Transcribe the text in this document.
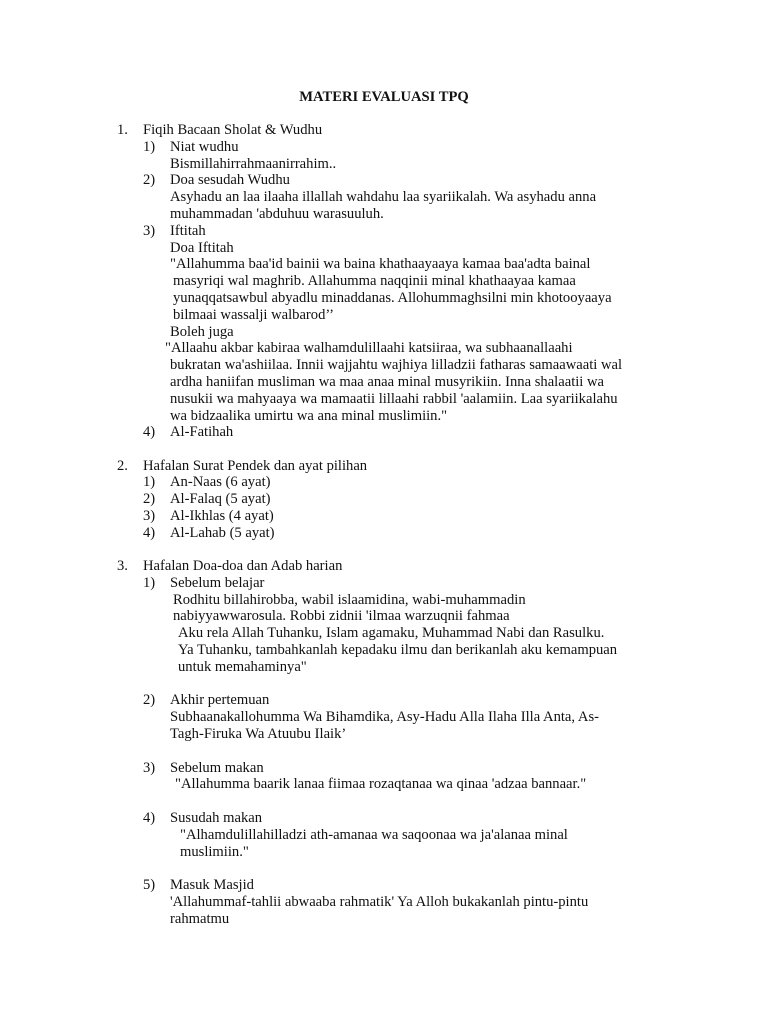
MATERI EVALUASI TPQ
1. Fiqih Bacaan Sholat & Wudhu
1) Niat wudhu
Bismillahirrahmaanirrahim..
2) Doa sesudah Wudhu
Asyhadu an laa ilaaha illallah wahdahu laa syariikalah. Wa asyhadu anna
muhammadan 'abduhuu warasuuluh.
3) Iftitah
Doa Iftitah
"Allahumma baa'id bainii wa baina khathaayaaya kamaa baa'adta bainal
masyriqi wal maghrib. Allahumma naqqinii minal khathaayaa kamaa
yunaqqatsawbul abyadlu minaddanas. Allohummaghsilni min khotooyaaya
bilmaai wassalji walbarod’’
Boleh juga
"Allaahu akbar kabiraa walhamdulillaahi katsiiraa, wa subhaanallaahi
bukratan wa'ashiilaa. Innii wajjahtu wajhiya lilladzii fatharas samaawaati wal
ardha haniifan musliman wa maa anaa minal musyrikiin. Inna shalaatii wa
nusukii wa mahyaaya wa mamaatii lillaahi rabbil 'aalamiin. Laa syariikalahu
wa bidzaalika umirtu wa ana minal muslimiin."
4) Al-Fatihah
2. Hafalan Surat Pendek dan ayat pilihan
1) An-Naas (6 ayat)
2) Al-Falaq (5 ayat)
3) Al-Ikhlas (4 ayat)
4) Al-Lahab (5 ayat)
3. Hafalan Doa-doa dan Adab harian
1) Sebelum belajar
Rodhitu billahirobba, wabil islaamidina, wabi-muhammadin
nabiyyawwarosula. Robbi zidnii 'ilmaa warzuqnii fahmaa
Aku rela Allah Tuhanku, Islam agamaku, Muhammad Nabi dan Rasulku.
Ya Tuhanku, tambahkanlah kepadaku ilmu dan berikanlah aku kemampuan
untuk memahaminya"
2) Akhir pertemuan
Subhaanakallohumma Wa Bihamdika, Asy-Hadu Alla Ilaha Illa Anta, As-
Tagh-Firuka Wa Atuubu Ilaik’
3) Sebelum makan
"Allahumma baarik lanaa fiimaa rozaqtanaa wa qinaa 'adzaa bannaar."
4) Susudah makan
"Alhamdulillahilladzi ath-amanaa wa saqoonaa wa ja'alanaa minal
muslimiin."
5) Masuk Masjid
'Allahummaf-tahlii abwaaba rahmatik' Ya Alloh bukakanlah pintu-pintu
rahmatmu
